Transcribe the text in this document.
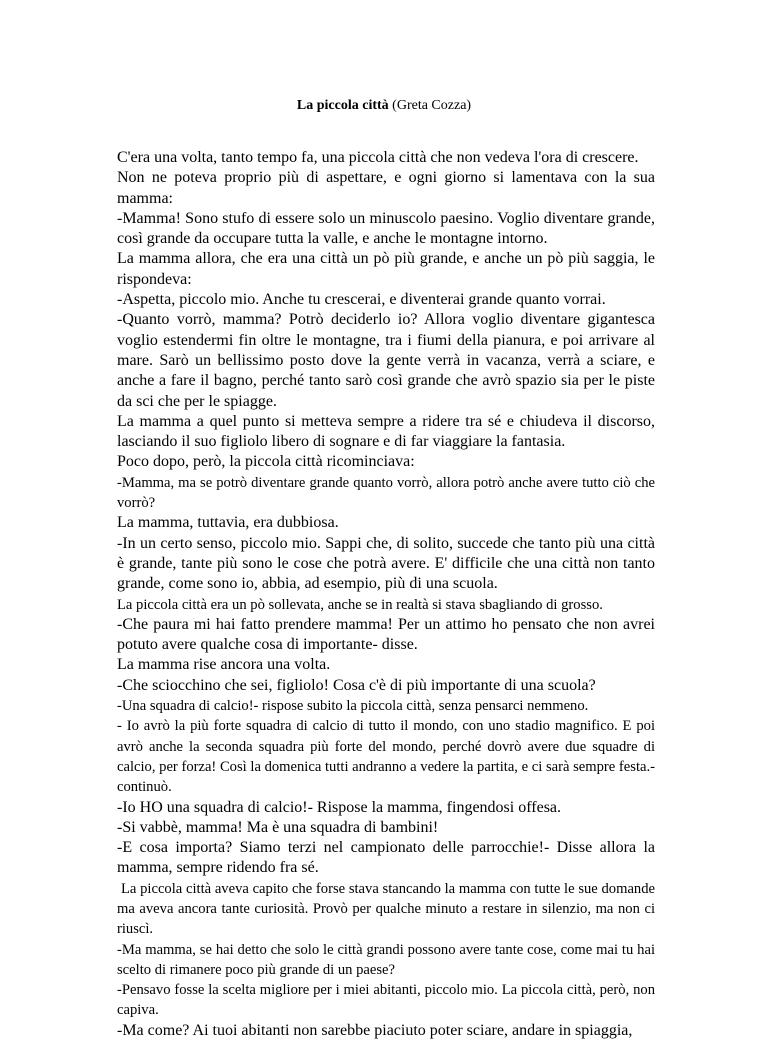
La piccola città (Greta Cozza)

C'era una volta, tanto tempo fa, una piccola città che non vedeva l'ora di crescere.

Non ne poteva proprio più di aspettare, e ogni giorno si lamentava con la sua mamma:

-Mamma! Sono stufo di essere solo un minuscolo paesino. Voglio diventare grande, così grande da occupare tutta la valle, e anche le montagne intorno.

La mamma allora, che era una città un pò più grande, e anche un pò più saggia, le rispondeva:

-Aspetta, piccolo mio. Anche tu crescerai, e diventerai grande quanto vorrai.

-Quanto vorrò, mamma? Potrò deciderlo io? Allora voglio diventare gigantesca voglio estendermi fin oltre le montagne, tra i fiumi della pianura, e poi arrivare al mare. Sarò un bellissimo posto dove la gente verrà in vacanza, verrà a sciare, e anche a fare il bagno, perché tanto sarò così grande che avrò spazio sia per le piste da sci che per le spiagge.

La mamma a quel punto si metteva sempre a ridere tra sé e chiudeva il discorso, lasciando il suo figliolo libero di sognare e di far viaggiare la fantasia.

Poco dopo, però, la piccola città ricominciava:

-Mamma, ma se potrò diventare grande quanto vorrò, allora potrò anche avere tutto ciò che vorrò?

La mamma, tuttavia, era dubbiosa.

-In un certo senso, piccolo mio. Sappi che, di solito, succede che tanto più una città è grande, tante più sono le cose che potrà avere. E' difficile che una città non tanto grande, come sono io, abbia, ad esempio, più di una scuola.

La piccola città era un pò sollevata, anche se in realtà si stava sbagliando di grosso.

-Che paura mi hai fatto prendere mamma! Per un attimo ho pensato che non avrei potuto avere qualche cosa di importante- disse.

La mamma rise ancora una volta.

-Che sciocchino che sei, figliolo! Cosa c'è di più importante di una scuola?

-Una squadra di calcio!- rispose subito la piccola città, senza pensarci nemmeno.

- Io avrò la più forte squadra di calcio di tutto il mondo, con uno stadio magnifico. E poi avrò anche la seconda squadra più forte del mondo, perché dovrò avere due squadre di calcio, per forza! Così la domenica tutti andranno a vedere la partita, e ci sarà sempre festa.- continuò.

-Io HO una squadra di calcio!- Rispose la mamma, fingendosi offesa.

-Si vabbè, mamma! Ma è una squadra di bambini!

-E cosa importa? Siamo terzi nel campionato delle parrocchie!- Disse allora la mamma, sempre ridendo fra sé.

La piccola città aveva capito che forse stava stancando la mamma con tutte le sue domande ma aveva ancora tante curiosità. Provò per qualche minuto a restare in silenzio, ma non ci riuscì.

-Ma mamma, se hai detto che solo le città grandi possono avere tante cose, come mai tu hai scelto di rimanere poco più grande di un paese?

-Pensavo fosse la scelta migliore per i miei abitanti, piccolo mio. La piccola città, però, non capiva.

-Ma come? Ai tuoi abitanti non sarebbe piaciuto poter sciare, andare in spiaggia,
